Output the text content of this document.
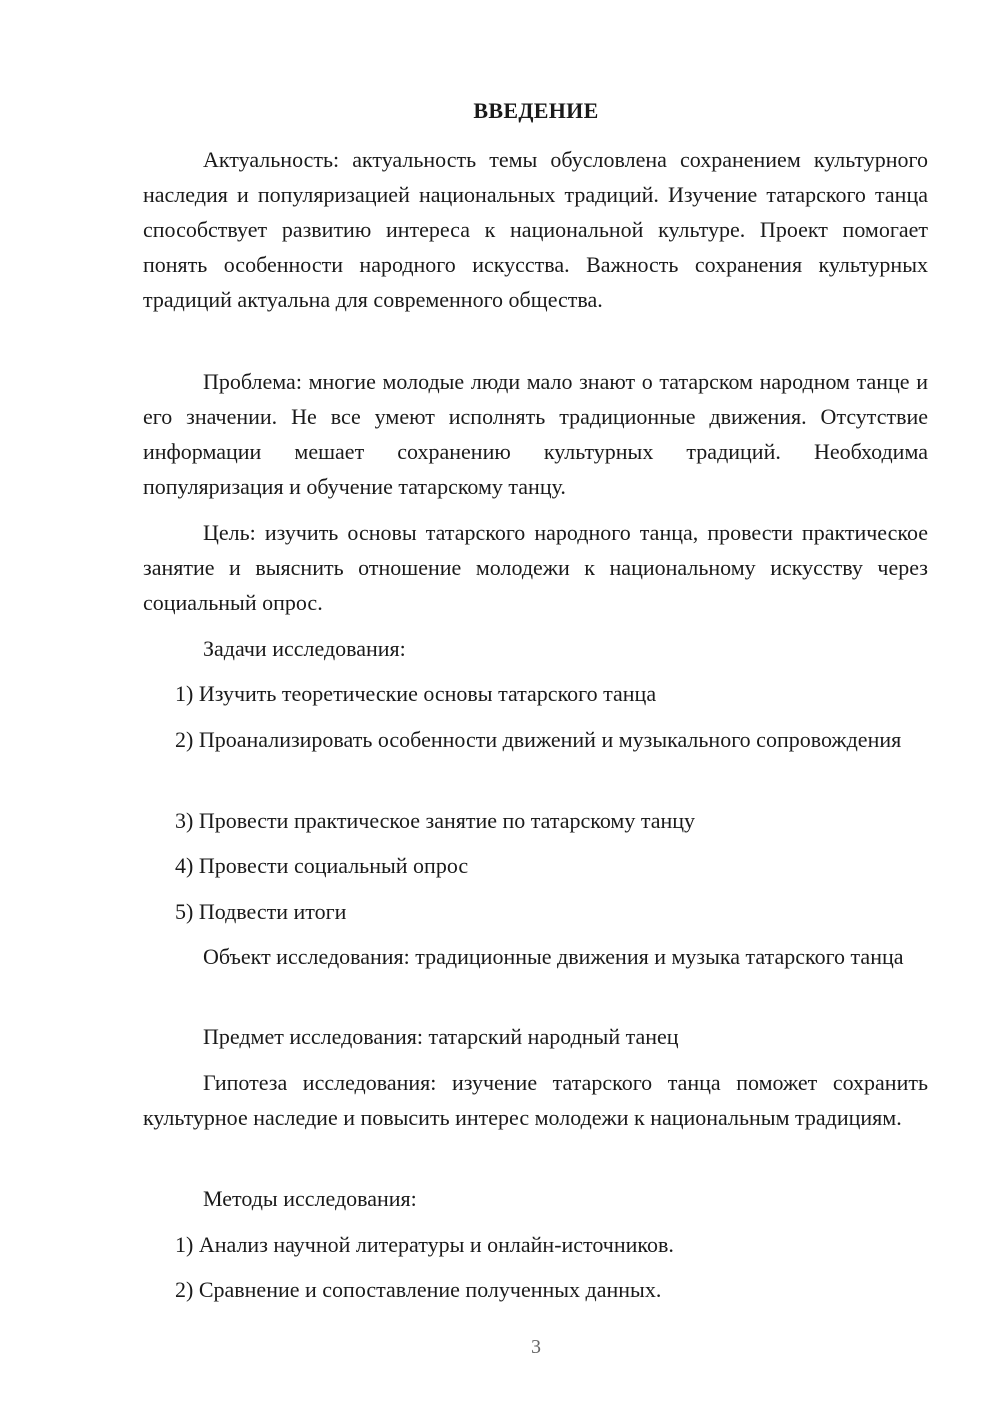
ВВЕДЕНИЕ

Актуальность: актуальность темы обусловлена сохранением культурного наследия и популяризацией национальных традиций. Изучение татарского танца способствует развитию интереса к национальной культуре. Проект помогает понять особенности народного искусства. Важность сохранения культурных традиций актуальна для современного общества.

Проблема: многие молодые люди мало знают о татарском народном танце и его значении. Не все умеют исполнять традиционные движения. Отсутствие информации мешает сохранению культурных традиций. Необходима популяризация и обучение татарскому танцу.

Цель: изучить основы татарского народного танца, провести практическое занятие и выяснить отношение молодежи к национальному искусству через социальный опрос.

Задачи исследования:

1) Изучить теоретические основы татарского танца

2) Проанализировать особенности движений и музыкального сопровождения

3) Провести практическое занятие по татарскому танцу

4) Провести социальный опрос

5) Подвести итоги

Объект исследования: традиционные движения и музыка татарского танца

Предмет исследования: татарский народный танец

Гипотеза исследования: изучение татарского танца поможет сохранить культурное наследие и повысить интерес молодежи к национальным традициям.

Методы исследования:

1) Анализ научной литературы и онлайн-источников.

2) Сравнение и сопоставление полученных данных.

3
